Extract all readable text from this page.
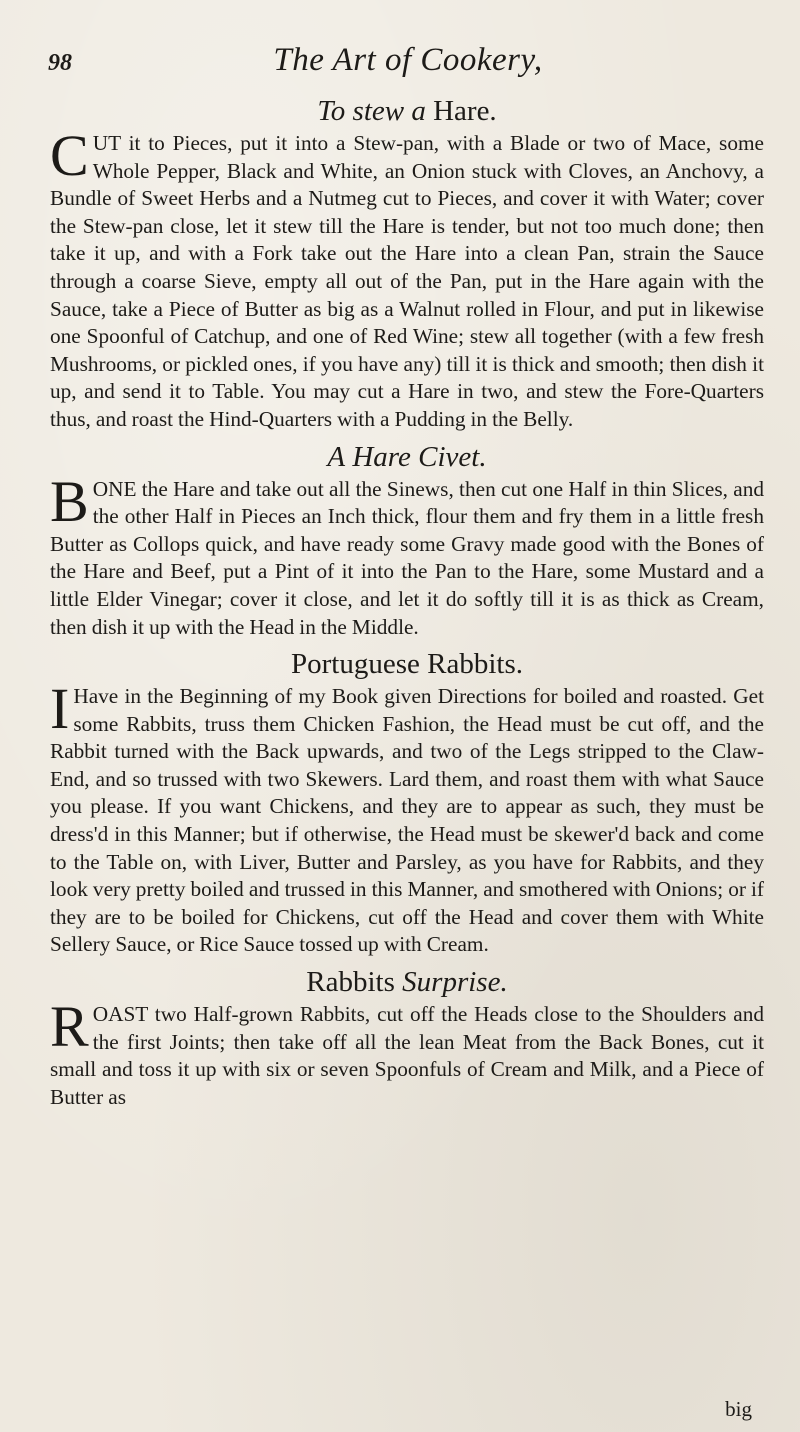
98	The Art of Cookery,
To stew a Hare.

CUT it to Pieces, put it into a Stew-pan, with a Blade or two of Mace, some Whole Pepper, Black and White, an Onion stuck with Cloves, an Anchovy, a Bundle of Sweet Herbs and a Nutmeg cut to Pieces, and cover it with Water; cover the Stew-pan close, let it stew till the Hare is tender, but not too much done; then take it up, and with a Fork take out the Hare into a clean Pan, strain the Sauce through a coarse Sieve, empty all out of the Pan, put in the Hare again with the Sauce, take a Piece of Butter as big as a Walnut rolled in Flour, and put in likewise one Spoonful of Catchup, and one of Red Wine; stew all together (with a few fresh Mushrooms, or pickled ones, if you have any) till it is thick and smooth; then dish it up, and send it to Table. You may cut a Hare in two, and stew the Fore-Quarters thus, and roast the Hind-Quarters with a Pudding in the Belly.

A Hare Civet.

BONE the Hare and take out all the Sinews, then cut one Half in thin Slices, and the other Half in Pieces an Inch thick, flour them and fry them in a little fresh Butter as Collops quick, and have ready some Gravy made good with the Bones of the Hare and Beef, put a Pint of it into the Pan to the Hare, some Mustard and a little Elder Vinegar; cover it close, and let it do softly till it is as thick as Cream, then dish it up with the Head in the Middle.

Portuguese Rabbits.

I Have in the Beginning of my Book given Directions for boiled and roasted. Get some Rabbits, truss them Chicken Fashion, the Head must be cut off, and the Rabbit turned with the Back upwards, and two of the Legs stripped to the Claw-End, and so trussed with two Skewers. Lard them, and roast them with what Sauce you please. If you want Chickens, and they are to appear as such, they must be dress'd in this Manner; but if otherwise, the Head must be skewer'd back and come to the Table on, with Liver, Butter and Parsley, as you have for Rabbits, and they look very pretty boiled and trussed in this Manner, and smothered with Onions; or if they are to be boiled for Chickens, cut off the Head and cover them with White Sellery Sauce, or Rice Sauce tossed up with Cream.

Rabbits Surprise.

ROAST two Half-grown Rabbits, cut off the Heads close to the Shoulders and the first Joints; then take off all the lean Meat from the Back Bones, cut it small and toss it up with six or seven Spoonfuls of Cream and Milk, and a Piece of Butter as

big
